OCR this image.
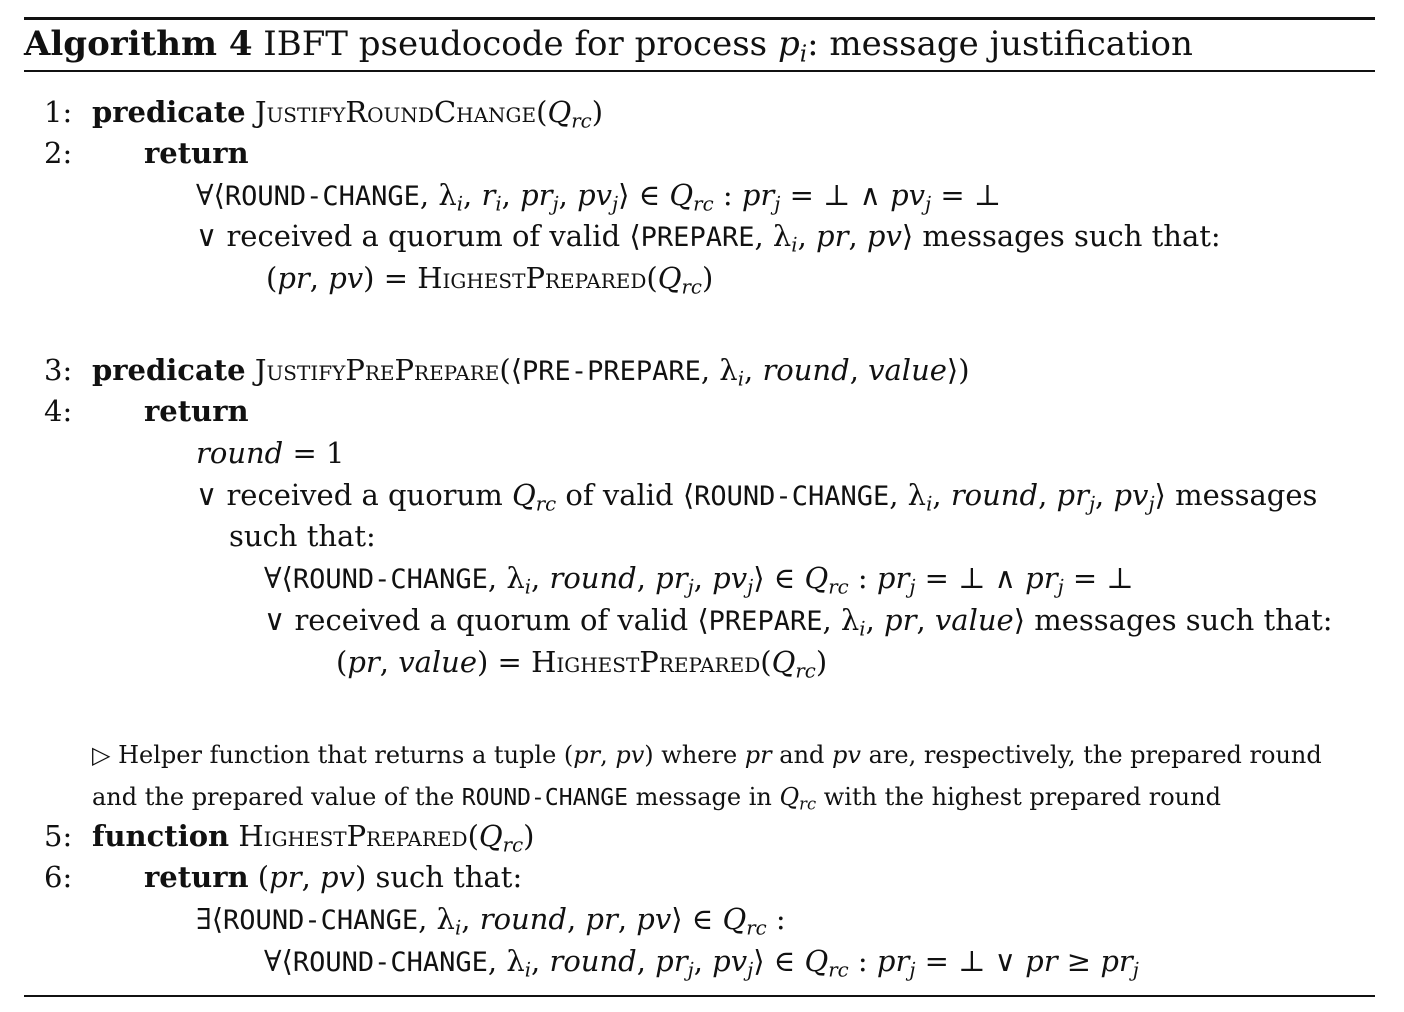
Algorithm 4 IBFT pseudocode for process $p_i$: message justification
1: predicate $JustifyRoundChange(Q_{rc})$
2:	return
∀⟨ROUND-CHANGE, $\lambda_i$, $r_i$, $pr_j$, $pv_j⟩$ ∈ $Q_{rc}$ : $pr_j$ = ⊥ ∧ $pv_j$ = ⊥
∨ received a quorum of valid ⟨PREPARE, $\lambda_i$, pr, pv⟩ messages such that:
(pr, $pv) = HighestPrepared(Q_{rc})$
3: predicate JustifyPrePrepare(⟨PRE-PREPARE, $\lambda_i$, round, value⟩)
4:	return
round = 1
∨ received a quorum $Q_{rc}$ of valid ⟨ROUND-CHANGE, $\lambda_i$, round, $pr_j$, $pv_j⟩$ messages
such that:
∀⟨ROUND-CHANGE, $\lambda_i$, round, $pr_j$, $pv_j⟩$ ∈ $Q_{rc}$ : $pr_j$ = ⊥ ∧ $pr_j$ = ⊥
∨ received a quorum of valid ⟨PREPARE, $\lambda_i$, pr, value⟩ messages such that:
(pr, value) = $HighestPrepared(Q_{rc})$
▷ Helper function that returns a tuple (pr, pv) where pr and pv are, respectively, the prepared round
and the prepared value of the ROUND-CHANGE message in $Q_{rc}$ with the highest prepared round
5: function $HighestPrepared(Q_{rc})$
6:	return (pr, pv) such that:
∃⟨ROUND-CHANGE, $\lambda_i$, round, pr, pv⟩ ∈ $Q_{rc}$ :
∀⟨ROUND-CHANGE, $\lambda_i$, round, $pr_j$, $pv_j⟩$ ∈ $Q_{rc}$ : $pr_j$ = ⊥ ∨ pr ≥ $pr_j$
